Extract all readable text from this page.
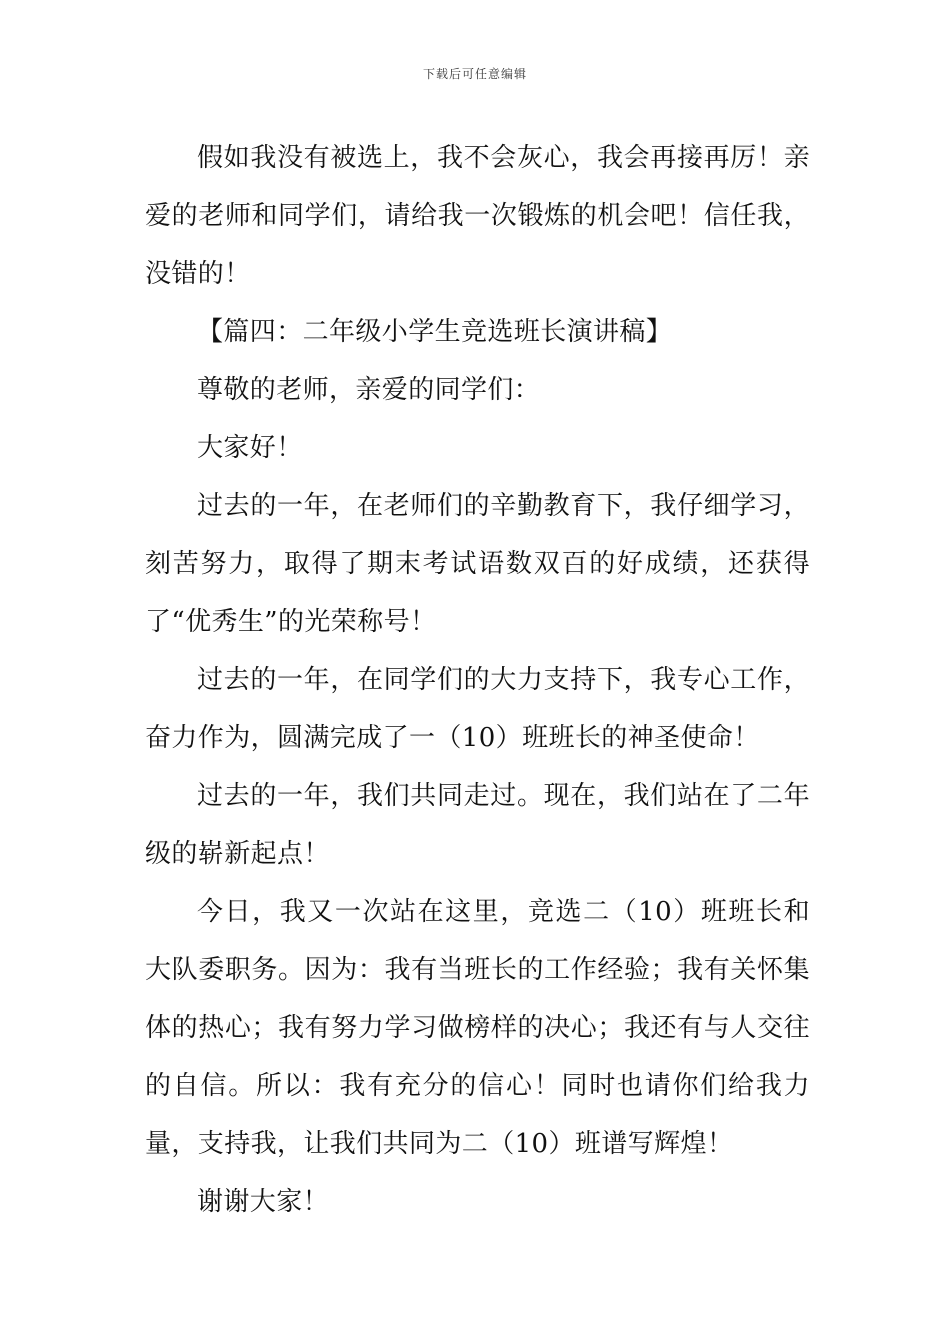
下载后可任意编辑

假如我没有被选上，我不会灰心，我会再接再厉！亲爱的老师和同学们，请给我一次锻炼的机会吧！信任我，没错的！

【篇四：二年级小学生竞选班长演讲稿】

尊敬的老师，亲爱的同学们：

大家好！

过去的一年，在老师们的辛勤教育下，我仔细学习，刻苦努力，取得了期末考试语数双百的好成绩，还获得了“优秀生”的光荣称号！

过去的一年，在同学们的大力支持下，我专心工作，奋力作为，圆满完成了一（10）班班长的神圣使命！

过去的一年，我们共同走过。现在，我们站在了二年级的崭新起点！

今日，我又一次站在这里，竞选二（10）班班长和大队委职务。因为：我有当班长的工作经验；我有关怀集体的热心；我有努力学习做榜样的决心；我还有与人交往的自信。所以：我有充分的信心！同时也请你们给我力量，支持我，让我们共同为二（10）班谱写辉煌！

谢谢大家！
